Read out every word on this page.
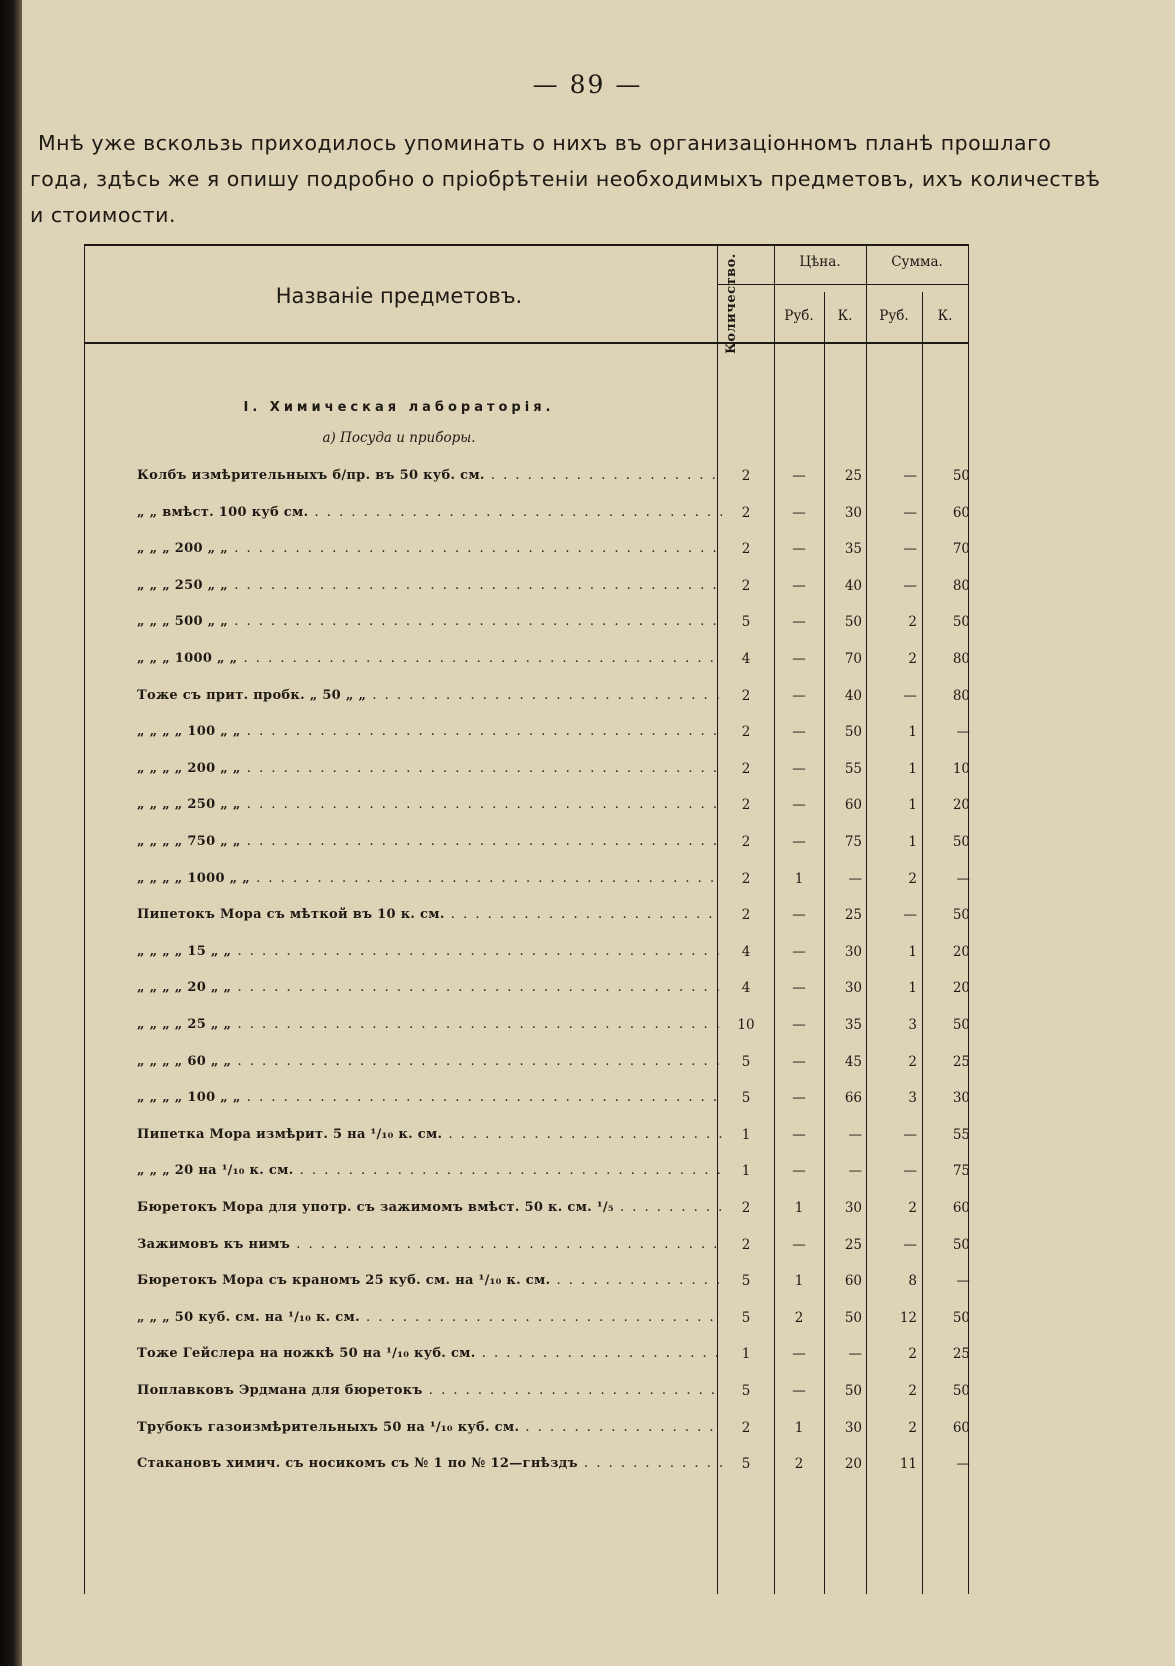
— 89 —
Мнѣ уже вскользь приходилось упоминать о нихъ въ организаціонномъ планѣ прошлаго года, здѣсь же я опишу подробно о пріобрѣтеніи необходимыхъ предметовъ, ихъ количествѣ и стоимости.
Названіе предметовъ.	Количество.	Цѣна.	Сумма.
Руб.	К.	Руб.	К.
I. Химическая лабораторія.
а) Посуда и приборы.
Колбъ измѣрительныхъ б/пр. въ 50 куб. см. . . .	2	—	25	—	50
„ „ вмѣст. 100 куб см. . . .	2	—	30	—	60
„ „ „ 200 „ „ . . .	2	—	35	—	70
„ „ „ 250 „ „ . . .	2	—	40	—	80
„ „ „ 500 „ „ . . .	5	—	50	2	50
„ „ „ 1000 „ „ . . .	4	—	70	2	80
Тоже съ прит. пробк. „ 50 „ „ . . .	2	—	40	—	80
„ „ „ „ 100 „ „ . . .	2	—	50	1	—
„ „ „ „ 200 „ „ . . .	2	—	55	1	10
„ „ „ „ 250 „ „ . . .	2	—	60	1	20
„ „ „ „ 750 „ „ . . .	2	—	75	1	50
„ „ „ „ 1000 „ „ . . .	2	1	—	2	—
Пипетокъ Мора съ мѣткой въ 10 к. см. . . .	2	—	25	—	50
„ „ „ „ 15 „ „ . . .	4	—	30	1	20
„ „ „ „ 20 „ „ . . .	4	—	30	1	20
„ „ „ „ 25 „ „ . . .	10	—	35	3	50
„ „ „ „ 60 „ „ . . .	5	—	45	2	25
„ „ „ „ 100 „ „ . . .	5	—	66	3	30
Пипетка Мора измѣрит. 5 на ¹/₁₀ к. см. . . .	1	—	—	—	55
„ „ „ 20 на ¹/₁₀ к. см. . . .	1	—	—	—	75
Бюретокъ Мора для употр. съ зажимомъ вмѣст. 50 к. см. ¹/₅ . . .	2	1	30	2	60
Зажимовъ къ нимъ . . .	2	—	25	—	50
Бюретокъ Мора съ краномъ 25 куб. см. на ¹/₁₀ к. см. . . .	5	1	60	8	—
„ „ „ 50 куб. см. на ¹/₁₀ к. см. . . .	5	2	50	12	50
Тоже Гейслера на ножкѣ 50 на ¹/₁₀ куб. см. . . .	1	—	—	2	25
Поплавковъ Эрдмана для бюретокъ . . .	5	—	50	2	50
Трубокъ газоизмѣрительныхъ 50 на ¹/₁₀ куб. см. . . .	2	1	30	2	60
Стакановъ химич. съ носикомъ съ № 1 по № 12—гнѣздъ . . .	5	2	20	11	—
